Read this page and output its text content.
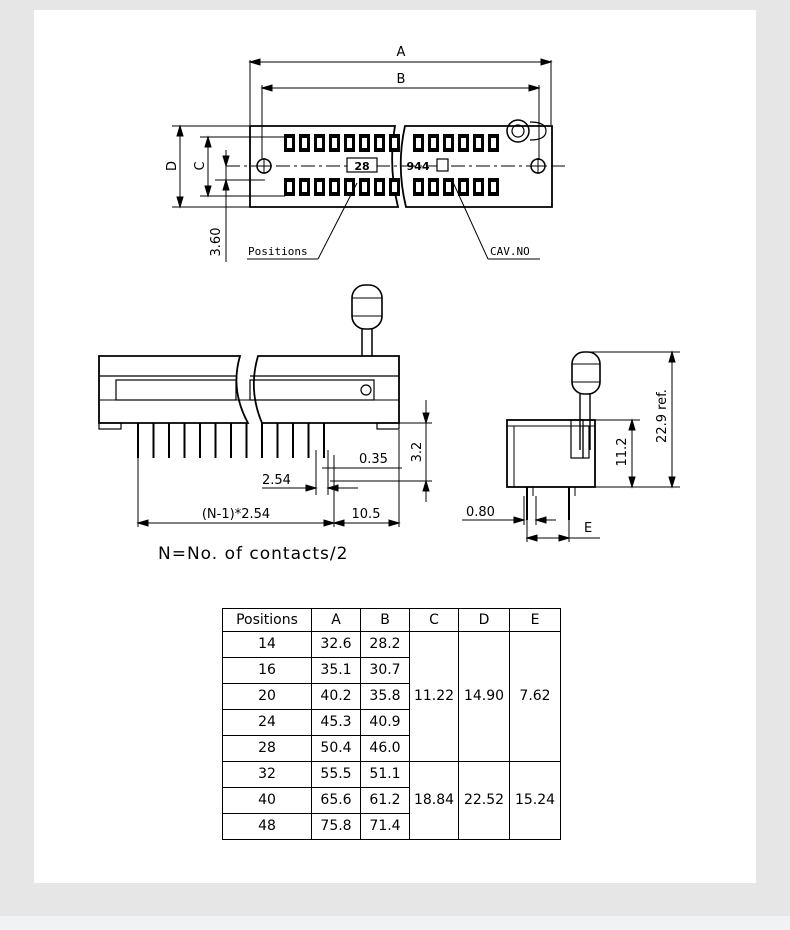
A
B
28	944
D C
3.60 Positions	CAV.NO
0.35 3.2
2.54
(N-1)*2.54	10.5
N=No. of contacts/2
22.9 ref.
11.2
0.80
E
Positions	A	B	C	D	E
14	32.6	28.2	11.22	14.90	7.62
16	35.1	30.7			
20	40.2	35.8			
24	45.3	40.9			
28	50.4	46.0			
32	55.5	51.1	18.84	22.52	15.24
40	65.6	61.2			
48	75.8	71.4			
